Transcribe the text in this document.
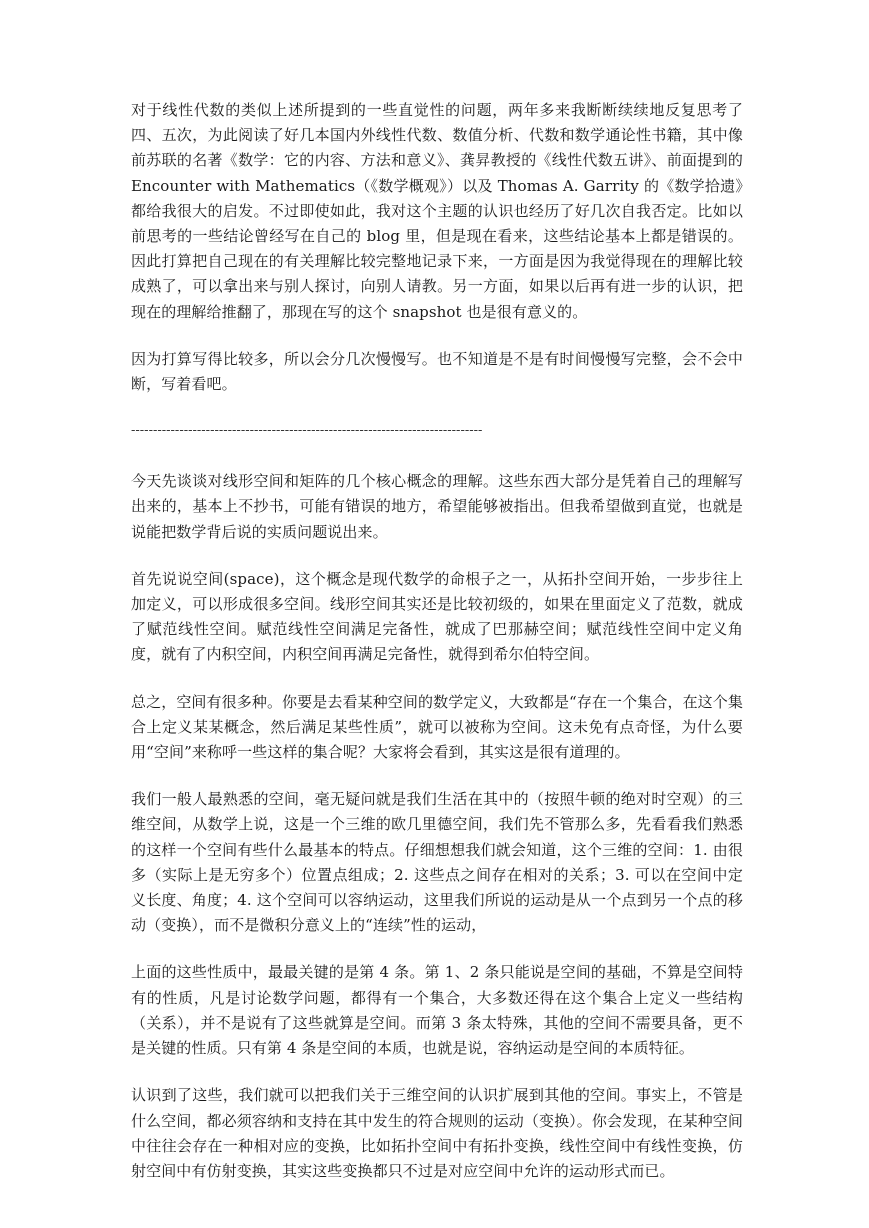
对于线性代数的类似上述所提到的一些直觉性的问题，两年多来我断断续续地反复思考了四、五次，为此阅读了好几本国内外线性代数、数值分析、代数和数学通论性书籍，其中像前苏联的名著《数学：它的内容、方法和意义》、龚昇教授的《线性代数五讲》、前面提到的 Encounter with Mathematics（《数学概观》）以及 Thomas A. Garrity 的《数学拾遗》都给我很大的启发。不过即使如此，我对这个主题的认识也经历了好几次自我否定。比如以前思考的一些结论曾经写在自己的 blog 里，但是现在看来，这些结论基本上都是错误的。因此打算把自己现在的有关理解比较完整地记录下来，一方面是因为我觉得现在的理解比较成熟了，可以拿出来与别人探讨，向别人请教。另一方面，如果以后再有进一步的认识，把现在的理解给推翻了，那现在写的这个 snapshot 也是很有意义的。

因为打算写得比较多，所以会分几次慢慢写。也不知道是不是有时间慢慢写完整，会不会中断，写着看吧。

--------------------------------------------------------------------------------

今天先谈谈对线形空间和矩阵的几个核心概念的理解。这些东西大部分是凭着自己的理解写出来的，基本上不抄书，可能有错误的地方，希望能够被指出。但我希望做到直觉，也就是说能把数学背后说的实质问题说出来。

首先说说空间(space)，这个概念是现代数学的命根子之一，从拓扑空间开始，一步步往上加定义，可以形成很多空间。线形空间其实还是比较初级的，如果在里面定义了范数，就成了赋范线性空间。赋范线性空间满足完备性，就成了巴那赫空间；赋范线性空间中定义角度，就有了内积空间，内积空间再满足完备性，就得到希尔伯特空间。

总之，空间有很多种。你要是去看某种空间的数学定义，大致都是“存在一个集合，在这个集合上定义某某概念，然后满足某些性质”，就可以被称为空间。这未免有点奇怪，为什么要用“空间”来称呼一些这样的集合呢？大家将会看到，其实这是很有道理的。

我们一般人最熟悉的空间，毫无疑问就是我们生活在其中的（按照牛顿的绝对时空观）的三维空间，从数学上说，这是一个三维的欧几里德空间，我们先不管那么多，先看看我们熟悉的这样一个空间有些什么最基本的特点。仔细想想我们就会知道，这个三维的空间：1. 由很多（实际上是无穷多个）位置点组成；2. 这些点之间存在相对的关系；3. 可以在空间中定义长度、角度；4. 这个空间可以容纳运动，这里我们所说的运动是从一个点到另一个点的移动（变换），而不是微积分意义上的“连续”性的运动，

上面的这些性质中，最最关键的是第 4 条。第 1、2 条只能说是空间的基础，不算是空间特有的性质，凡是讨论数学问题，都得有一个集合，大多数还得在这个集合上定义一些结构（关系），并不是说有了这些就算是空间。而第 3 条太特殊，其他的空间不需要具备，更不是关键的性质。只有第 4 条是空间的本质，也就是说，容纳运动是空间的本质特征。

认识到了这些，我们就可以把我们关于三维空间的认识扩展到其他的空间。事实上，不管是什么空间，都必须容纳和支持在其中发生的符合规则的运动（变换）。你会发现，在某种空间中往往会存在一种相对应的变换，比如拓扑空间中有拓扑变换，线性空间中有线性变换，仿射空间中有仿射变换，其实这些变换都只不过是对应空间中允许的运动形式而已。
